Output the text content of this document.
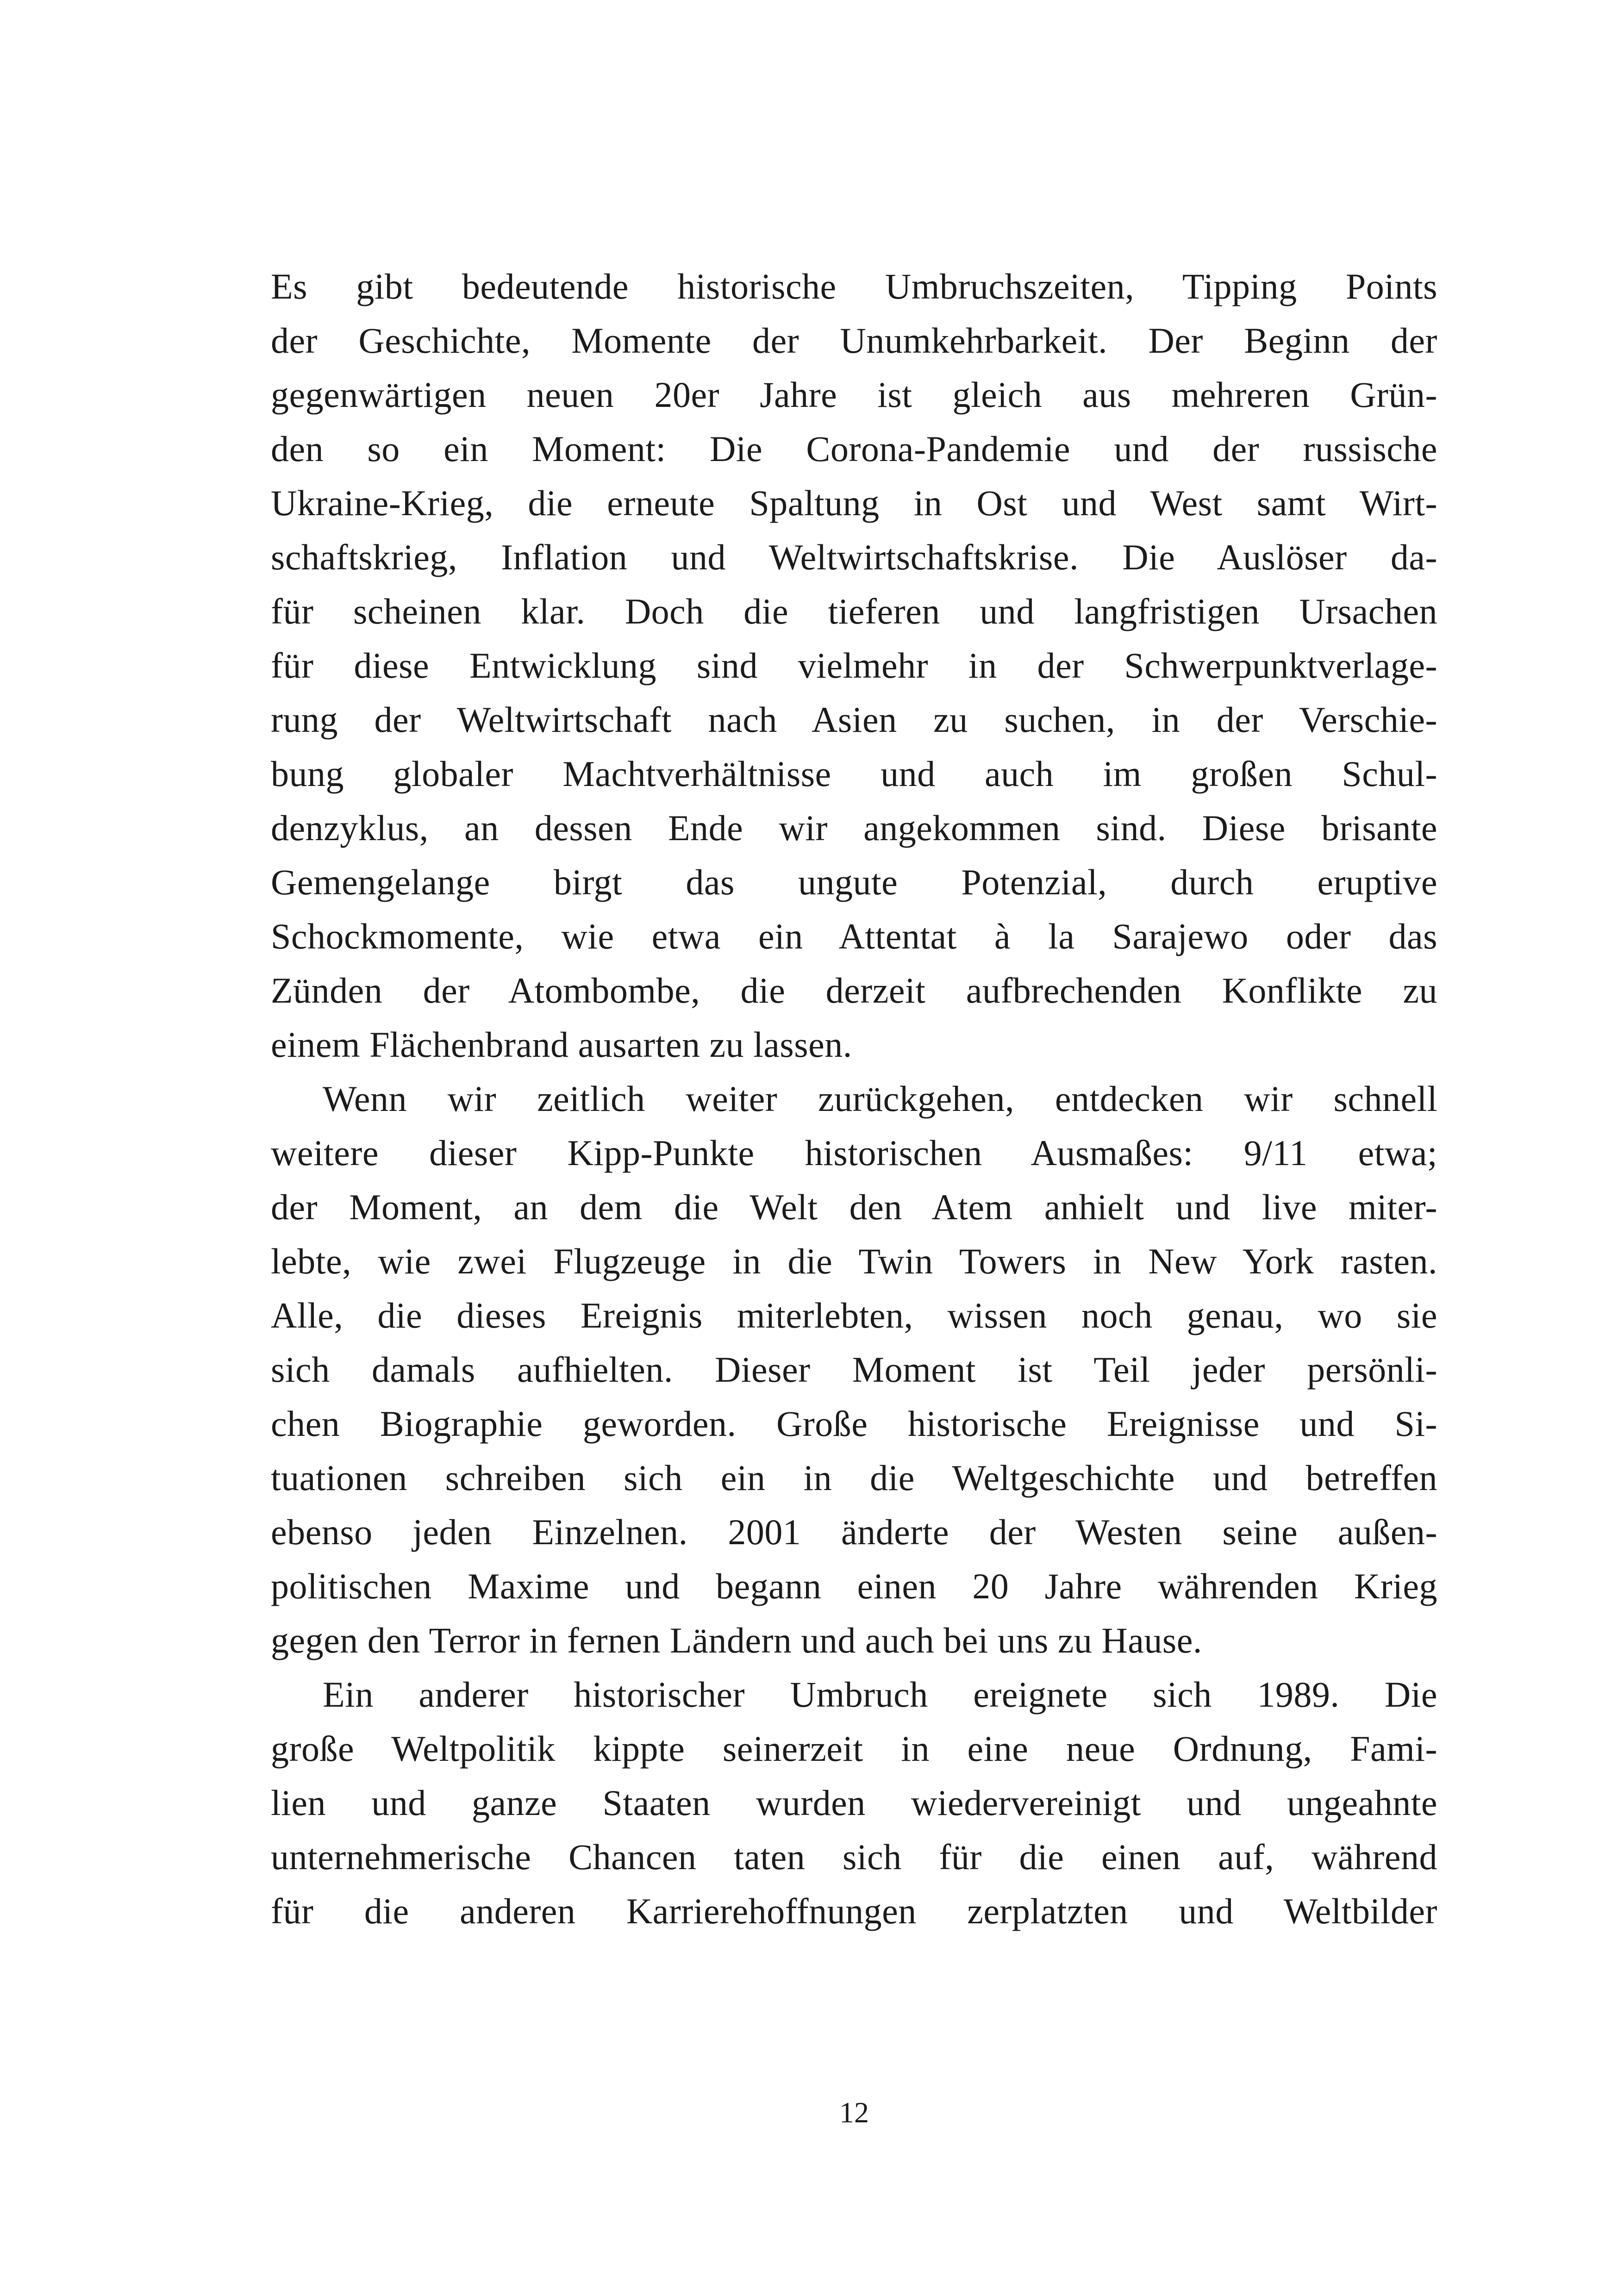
Es gibt bedeutende historische Umbruchszeiten, Tipping Points
der Geschichte, Momente der Unumkehrbarkeit. Der Beginn der
gegenwärtigen neuen 20er Jahre ist gleich aus mehreren Grün-
den so ein Moment: Die Corona-Pandemie und der russische
Ukraine-Krieg, die erneute Spaltung in Ost und West samt Wirt-
schaftskrieg, Inflation und Weltwirtschaftskrise. Die Auslöser da-
für scheinen klar. Doch die tieferen und langfristigen Ursachen
für diese Entwicklung sind vielmehr in der Schwerpunktverlage-
rung der Weltwirtschaft nach Asien zu suchen, in der Verschie-
bung globaler Machtverhältnisse und auch im großen Schul-
denzyklus, an dessen Ende wir angekommen sind. Diese brisante
Gemengelange birgt das ungute Potenzial, durch eruptive
Schockmomente, wie etwa ein Attentat à la Sarajewo oder das
Zünden der Atombombe, die derzeit aufbrechenden Konflikte zu
einem Flächenbrand ausarten zu lassen.

Wenn wir zeitlich weiter zurückgehen, entdecken wir schnell
weitere dieser Kipp-Punkte historischen Ausmaßes: 9/11 etwa;
der Moment, an dem die Welt den Atem anhielt und live miter-
lebte, wie zwei Flugzeuge in die Twin Towers in New York rasten.
Alle, die dieses Ereignis miterlebten, wissen noch genau, wo sie
sich damals aufhielten. Dieser Moment ist Teil jeder persönli-
chen Biographie geworden. Große historische Ereignisse und Si-
tuationen schreiben sich ein in die Weltgeschichte und betreffen
ebenso jeden Einzelnen. 2001 änderte der Westen seine außen-
politischen Maxime und begann einen 20 Jahre währenden Krieg
gegen den Terror in fernen Ländern und auch bei uns zu Hause.

Ein anderer historischer Umbruch ereignete sich 1989. Die
große Weltpolitik kippte seinerzeit in eine neue Ordnung, Fami-
lien und ganze Staaten wurden wiedervereinigt und ungeahnte
unternehmerische Chancen taten sich für die einen auf, während
für die anderen Karrierehoffnungen zerplatzten und Weltbilder

12
